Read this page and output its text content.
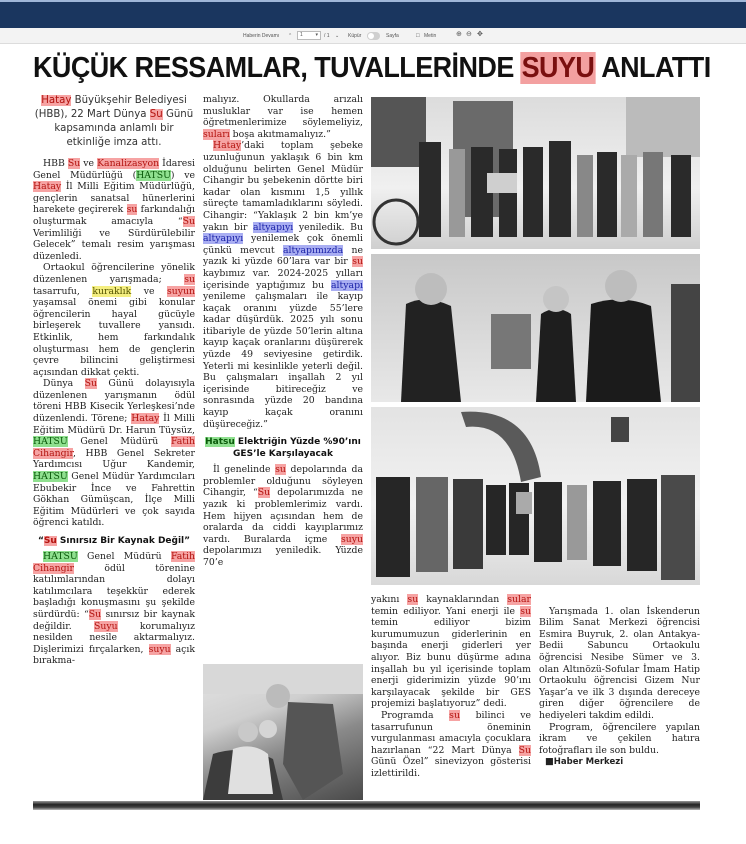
Haberin Devamı ⌃	1	▾ / 1 ⌄ Küpür	Sayfa	□ Metin	⊕ ⊖ ✥
KÜÇÜK RESSAMLAR, TUVALLERİNDE SUYU ANLATTI

Hatay Büyükşehir Belediyesi (HBB), 22 Mart Dünya Su Günü kapsamında anlamlı bir etkinliğe imza attı.

HBB Su ve Kanalizasyon İdaresi Genel Müdürlüğü (HATSU) ve Hatay İl Milli Eğitim Müdürlüğü, gençlerin sanatsal hünerlerini harekete geçirerek su farkındalığı oluşturmak amacıyla “Su Verimliliği ve Sürdürülebilir Gelecek” temalı resim yarışması düzenledi.

Ortaokul öğrencilerine yönelik düzenlenen yarışmada; su tasarrufu, kuraklık ve suyun yaşamsal önemi gibi konular öğrencilerin hayal gücüyle birleşerek tuvallere yansıdı. Etkinlik, hem farkındalık oluşturması hem de gençlerin çevre bilincini geliştirmesi açısından dikkat çekti.

Dünya Su Günü dolayısıyla düzenlenen yarışmanın ödül töreni HBB Kisecik Yerleşkesi’nde düzenlendi. Törene; Hatay İl Milli Eğitim Müdürü Dr. Harun Tüysüz, HATSU Genel Müdürü Fatih Cihangir, HBB Genel Sekreter Yardımcısı Uğur Kandemir, HATSU Genel Müdür Yardımcıları Ebubekir İnce ve Fahrettin Gökhan Gümüşcan, İlçe Milli Eğitim Müdürleri ve çok sayıda öğrenci katıldı.

“Su Sınırsız Bir Kaynak Değil”

HATSU Genel Müdürü Fatih Cihangir ödül törenine katılımlarından dolayı katılımcılara teşekkür ederek başladığı konuşmasını şu şekilde sürdürdü: “Su sınırsız bir kaynak değildir. Suyu korumalıyız nesilden nesile aktarmalıyız. Dişlerimizi fırçalarken, suyu açık bırakma-

malıyız. Okullarda arızalı musluklar var ise hemen öğretmenlerimize söylemeliyiz, suları boşa akıtmamalıyız.”

Hatay’daki toplam şebeke uzunluğunun yaklaşık 6 bin km olduğunu belirten Genel Müdür Cihangir bu şebekenin dörtte biri kadar olan kısmını 1,5 yıllık süreçte tamamladıklarını söyledi. Cihangir: “Yaklaşık 2 bin km’ye yakın bir altyapıyı yeniledik. Bu altyapıyı yenilemek çok önemli çünkü mevcut altyapımızda ne yazık ki yüzde 60’lara var bir su kaybımız var. 2024-2025 yılları içerisinde yaptığımız bu altyapı yenileme çalışmaları ile kayıp kaçak oranını yüzde 55’lere kadar düşürdük. 2025 yılı sonu itibariyle de yüzde 50’lerin altına kayıp kaçak oranlarını düşürerek yüzde 49 seviyesine getirdik. Yeterli mi kesinlikle yeterli değil. Bu çalışmaları inşallah 2 yıl içerisinde bitireceğiz ve sonrasında yüzde 20 bandına kayıp kaçak oranını düşüreceğiz.”

Hatsu Elektriğin Yüzde %90’ını GES’le Karşılayacak

İl genelinde su depolarında da problemler olduğunu söyleyen Cihangir, “Su depolarımızda ne yazık ki problemlerimiz vardı. Hem hijyen açısından hem de oralarda da ciddi kayıplarımız vardı. Buralarda içme suyu depolarımızı yeniledik. Yüzde 70’e

yakını su kaynaklarından sular temin ediliyor. Yani enerji ile su temin ediliyor bizim kurumumuzun giderlerinin en başında enerji giderleri yer alıyor. Biz bunu düşürme adına inşallah bu yıl içerisinde toplam enerji giderimizin yüzde 90’ını karşılayacak şekilde bir GES projemizi başlatıyoruz” dedi.

Programda su bilinci ve tasarrufunun öneminin vurgulanması amacıyla çocuklara hazırlanan “22 Mart Dünya Su Günü Özel” sinevizyon gösterisi izlettirildi.

Yarışmada 1. olan İskenderun Bilim Sanat Merkezi öğrencisi Esmira Buyruk, 2. olan Antakya-Bedii Sabuncu Ortaokulu öğrencisi Nesibe Sümer ve 3. olan Altınözü-Sofular İmam Hatip Ortaokulu öğrencisi Gizem Nur Yaşar’a ve ilk 3 dışında dereceye giren diğer öğrencilere de hediyeleri takdim edildi.

Program, öğrencilere yapılan ikram ve çekilen hatıra fotoğrafları ile son buldu.

■Haber Merkezi
